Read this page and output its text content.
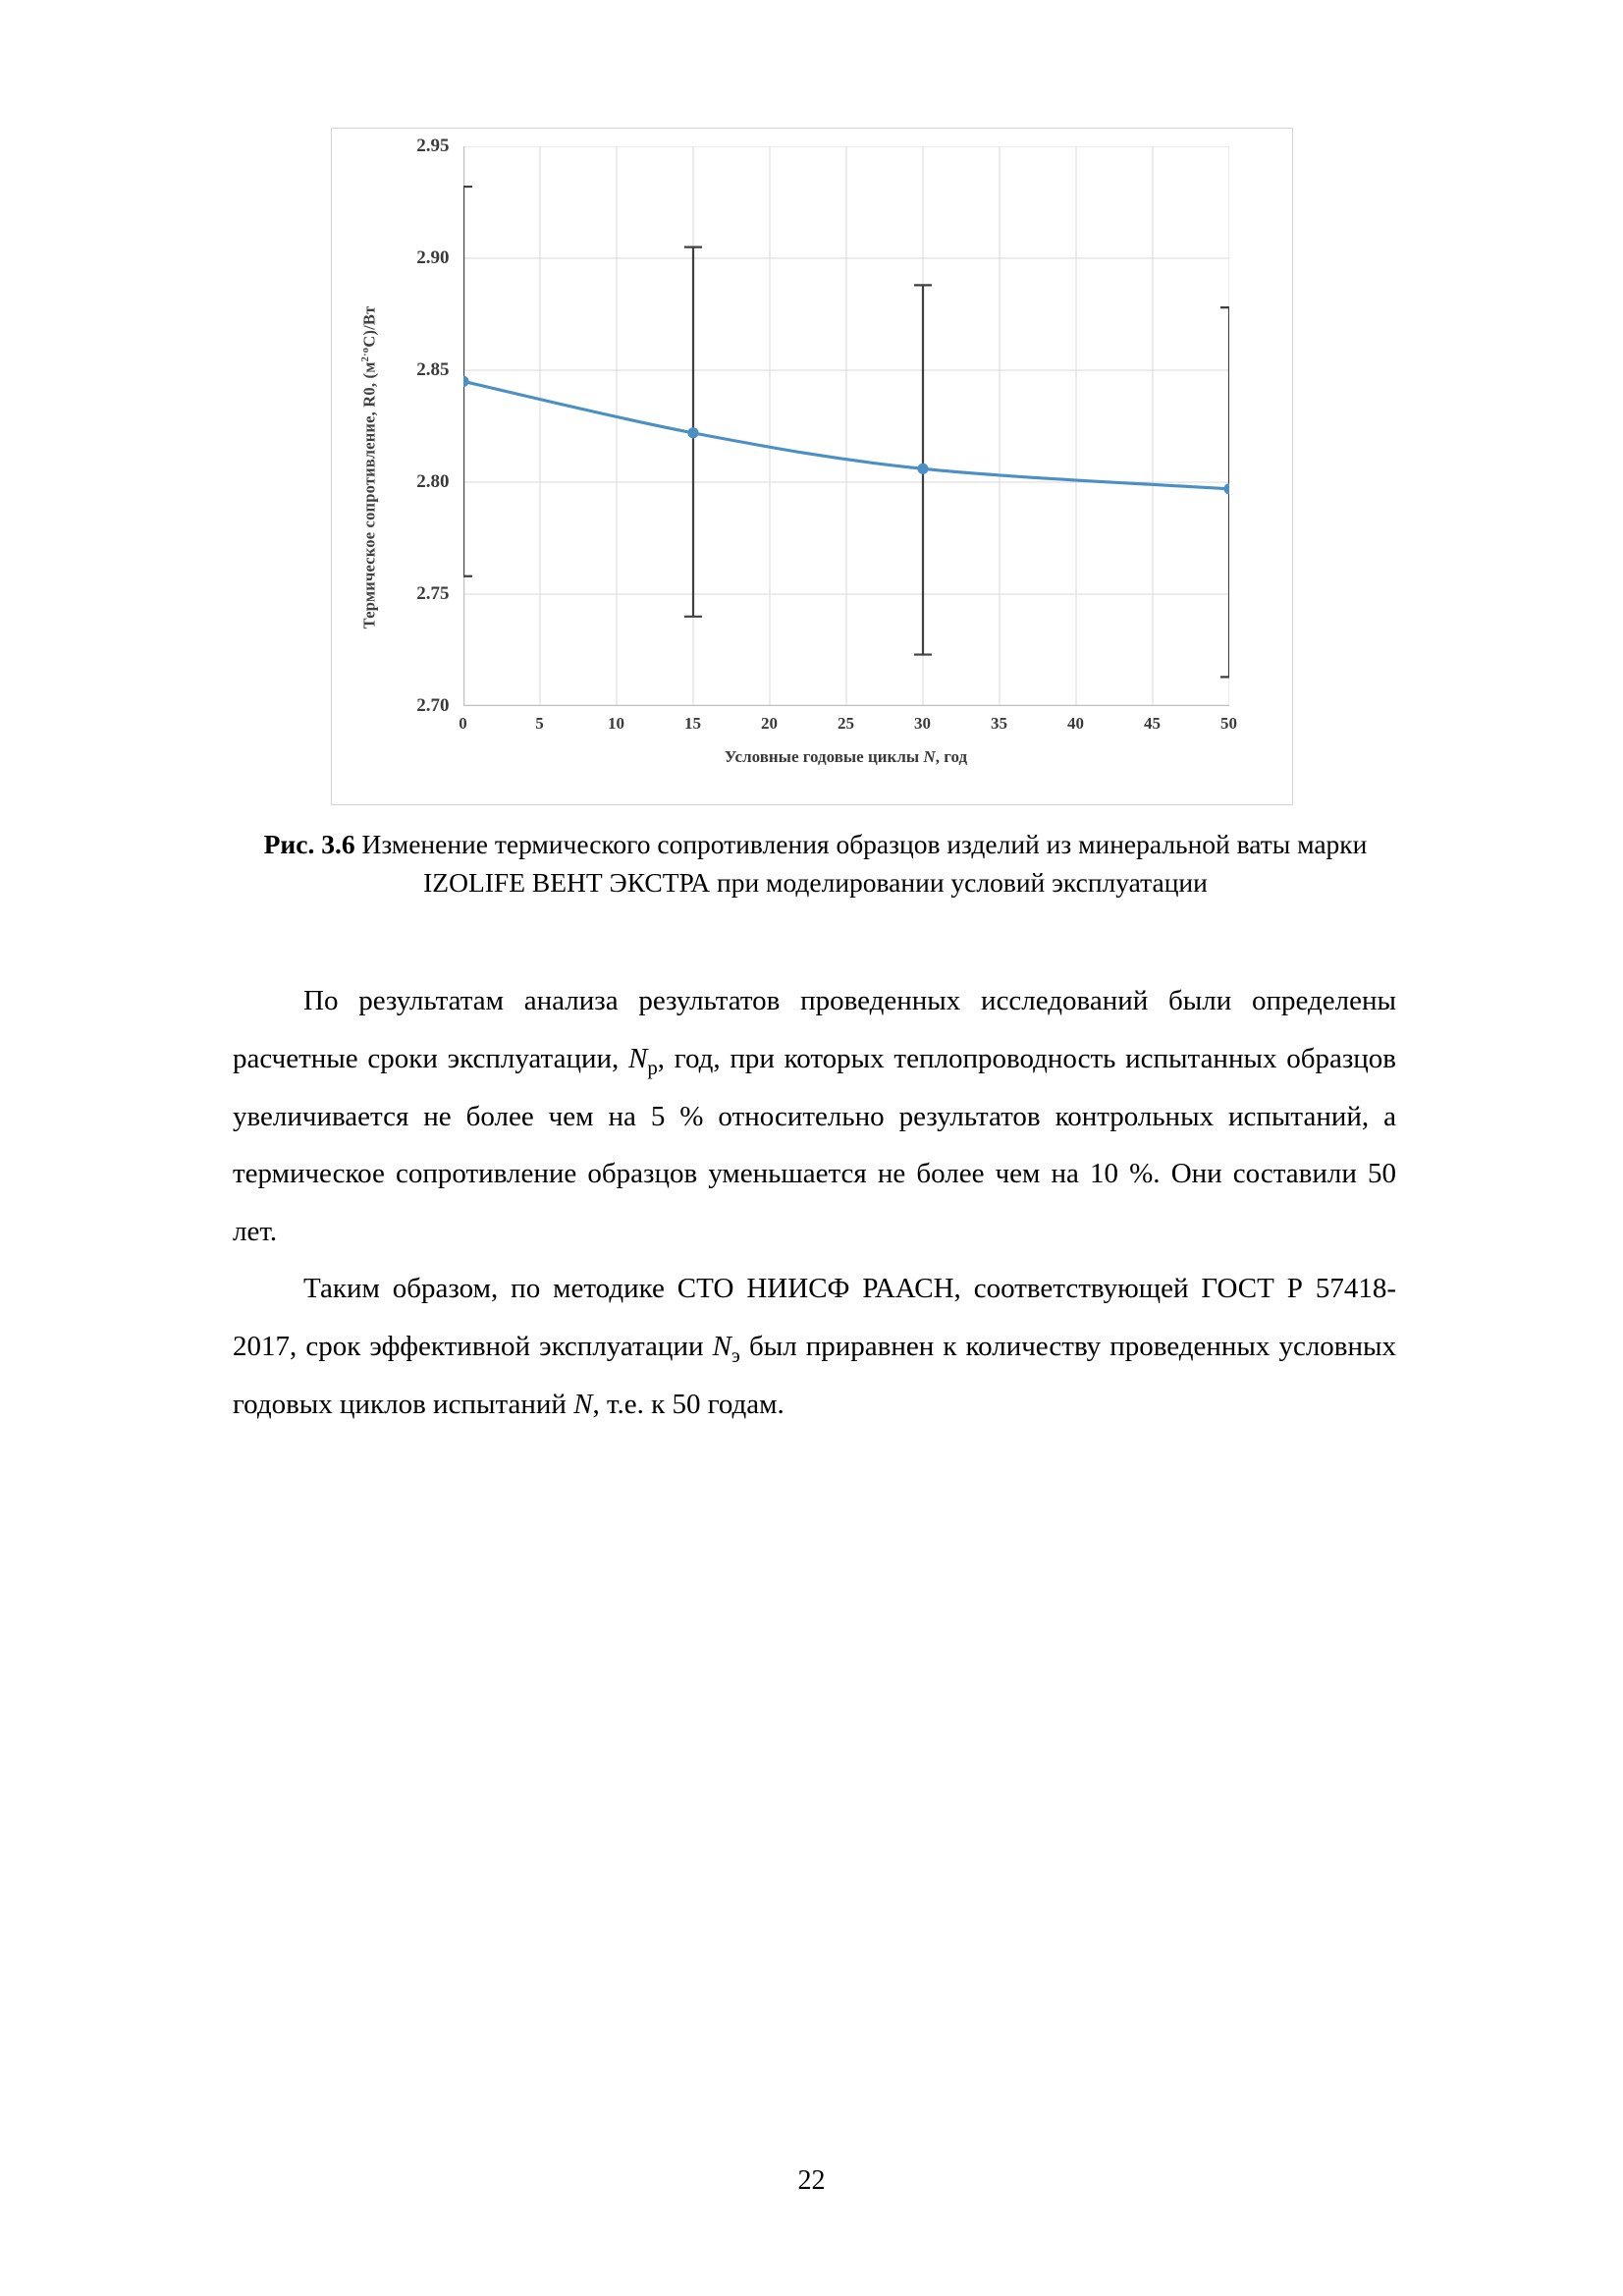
Термическое сопротивление, R0, $(м^{2\cdot о}С)/Вт$
2.70
2.75
2.80
2.85
2.90
2.95
0	5	10	15	20	25	30	35	40	45	50
Условные годовые циклы N, год
Рис. 3.6 Изменение термического сопротивления образцов изделий из минеральной ваты марки IZOLIFE ВЕНТ ЭКСТРА при моделировании условий эксплуатации

По результатам анализа результатов проведенных исследований были определены расчетные сроки эксплуатации, $N_р$, год, при которых теплопроводность испытанных образцов увеличивается не более чем на 5 % относительно результатов контрольных испытаний, а термическое сопротивление образцов уменьшается не более чем на 10 %. Они составили 50 лет.

Таким образом, по методике СТО НИИСФ РААСН, соответствующей ГОСТ Р 57418-2017, срок эффективной эксплуатации $N_э$ был приравнен к количеству проведенных условных годовых циклов испытаний N, т.е. к 50 годам.

22
